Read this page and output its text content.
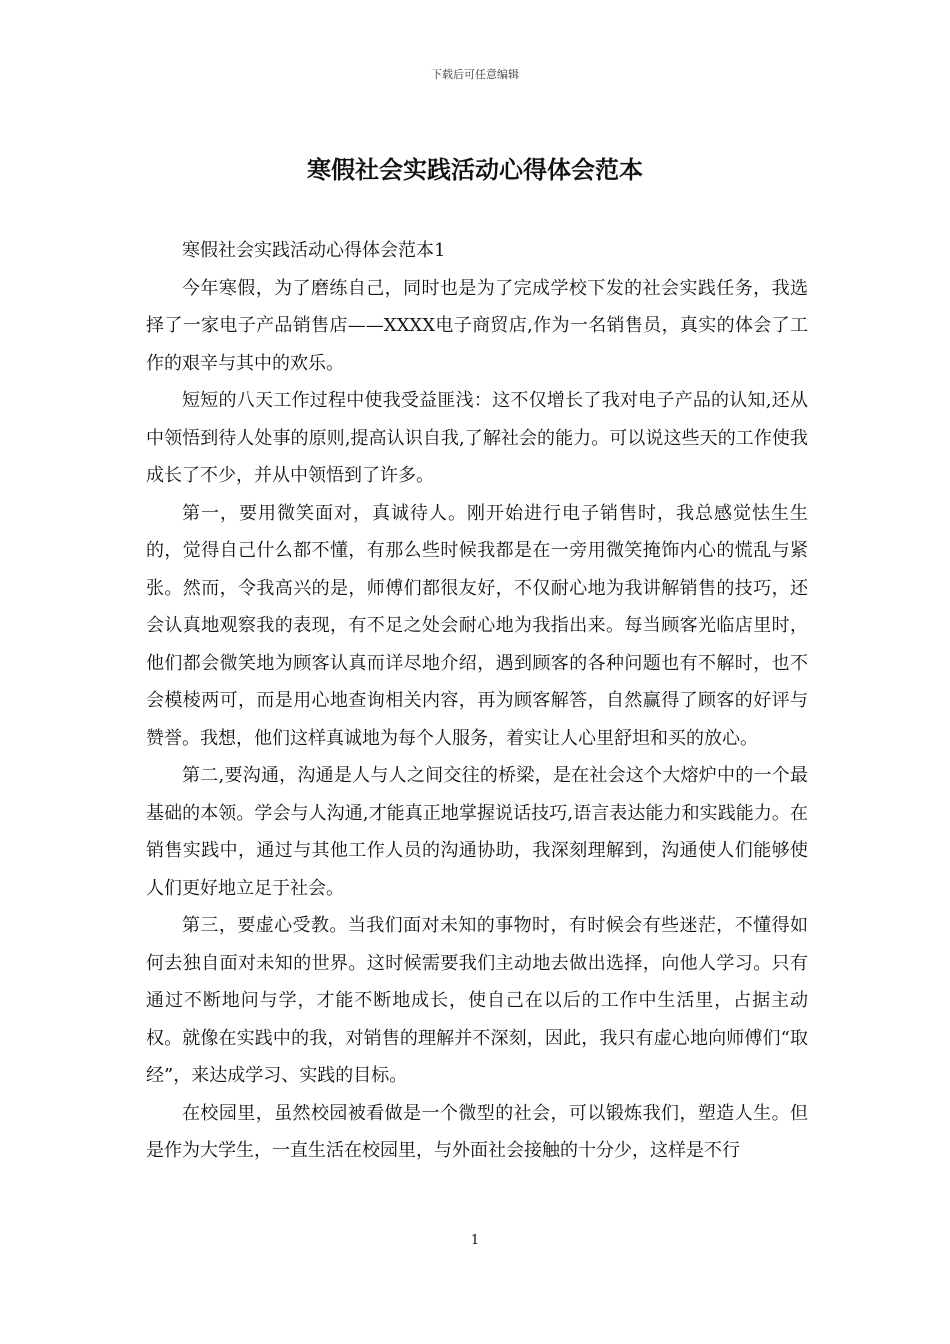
下载后可任意编辑
寒假社会实践活动心得体会范本

寒假社会实践活动心得体会范本1

今年寒假，为了磨练自己，同时也是为了完成学校下发的社会实践任务，我选择了一家电子产品销售店——XXXX电子商贸店,作为一名销售员，真实的体会了工作的艰辛与其中的欢乐。

短短的八天工作过程中使我受益匪浅：这不仅增长了我对电子产品的认知,还从中领悟到待人处事的原则,提高认识自我,了解社会的能力。可以说这些天的工作使我成长了不少，并从中领悟到了许多。

第一，要用微笑面对，真诚待人。刚开始进行电子销售时，我总感觉怯生生的，觉得自己什么都不懂，有那么些时候我都是在一旁用微笑掩饰内心的慌乱与紧张。然而，令我高兴的是，师傅们都很友好，不仅耐心地为我讲解销售的技巧，还会认真地观察我的表现，有不足之处会耐心地为我指出来。每当顾客光临店里时，他们都会微笑地为顾客认真而详尽地介绍，遇到顾客的各种问题也有不解时，也不会模棱两可，而是用心地查询相关内容，再为顾客解答，自然赢得了顾客的好评与赞誉。我想，他们这样真诚地为每个人服务，着实让人心里舒坦和买的放心。

第二,要沟通，沟通是人与人之间交往的桥梁，是在社会这个大熔炉中的一个最基础的本领。学会与人沟通,才能真正地掌握说话技巧,语言表达能力和实践能力。在销售实践中，通过与其他工作人员的沟通协助，我深刻理解到，沟通使人们能够使人们更好地立足于社会。

第三，要虚心受教。当我们面对未知的事物时，有时候会有些迷茫，不懂得如何去独自面对未知的世界。这时候需要我们主动地去做出选择，向他人学习。只有通过不断地问与学，才能不断地成长，使自己在以后的工作中生活里，占据主动权。就像在实践中的我，对销售的理解并不深刻，因此，我只有虚心地向师傅们“取经”，来达成学习、实践的目标。

在校园里，虽然校园被看做是一个微型的社会，可以锻炼我们，塑造人生。但是作为大学生，一直生活在校园里，与外面社会接触的十分少，这样是不行

1
